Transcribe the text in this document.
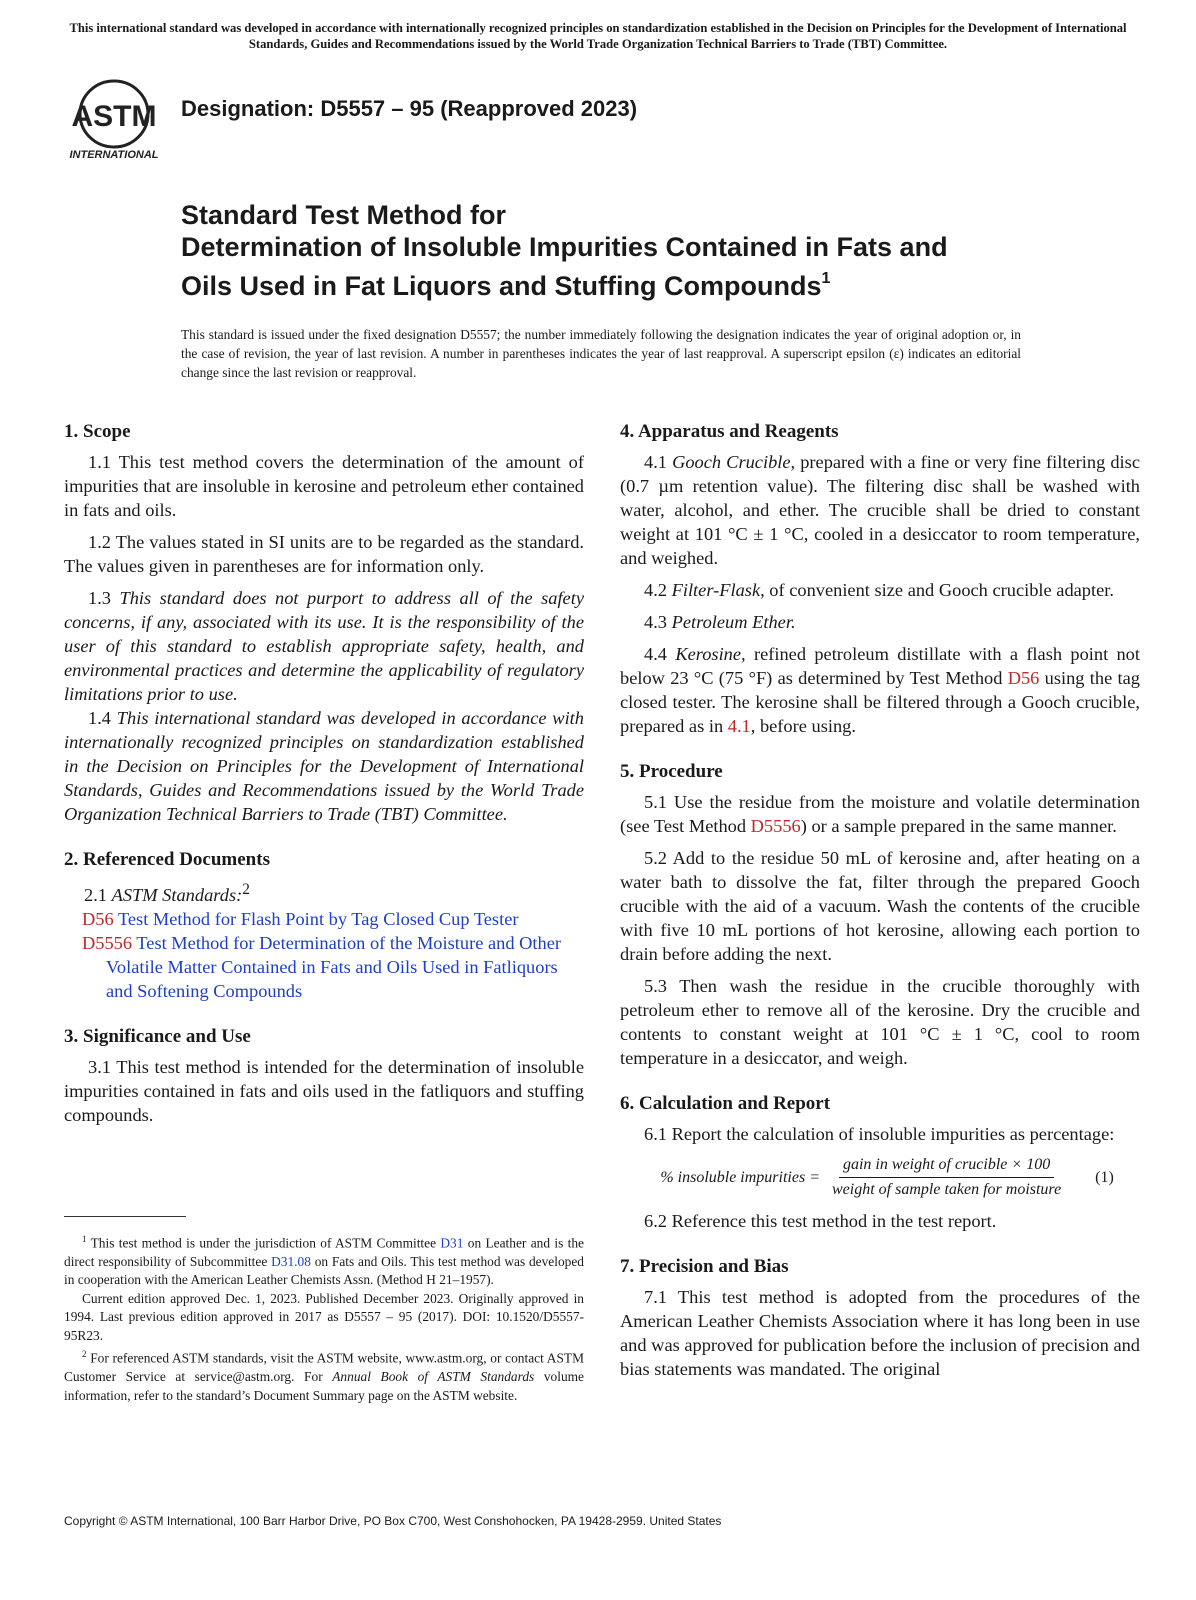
This international standard was developed in accordance with internationally recognized principles on standardization established in the Decision on Principles for the Development of International Standards, Guides and Recommendations issued by the World Trade Organization Technical Barriers to Trade (TBT) Committee.
ASTM
INTERNATIONAL
Designation: D5557 – 95 (Reapproved 2023)
Standard Test Method for
Determination of Insoluble Impurities Contained in Fats and
Oils Used in Fat Liquors and Stuffing Compounds$^1$
This standard is issued under the fixed designation D5557; the number immediately following the designation indicates the year of original adoption or, in the case of revision, the year of last revision. A number in parentheses indicates the year of last reapproval. A superscript epsilon (ε) indicates an editorial change since the last revision or reapproval.
1. Scope

1.1 This test method covers the determination of the amount of impurities that are insoluble in kerosine and petroleum ether contained in fats and oils.

1.2 The values stated in SI units are to be regarded as the standard. The values given in parentheses are for information only.

1.3 This standard does not purport to address all of the safety concerns, if any, associated with its use. It is the responsibility of the user of this standard to establish appropriate safety, health, and environmental practices and determine the applicability of regulatory limitations prior to use.

1.4 This international standard was developed in accordance with internationally recognized principles on standardization established in the Decision on Principles for the Development of International Standards, Guides and Recommendations issued by the World Trade Organization Technical Barriers to Trade (TBT) Committee.

2. Referenced Documents
2.1 ASTM Standards:$^2$
D56 Test Method for Flash Point by Tag Closed Cup Tester
D5556 Test Method for Determination of the Moisture and Other Volatile Matter Contained in Fats and Oils Used in Fatliquors and Softening Compounds
3. Significance and Use

3.1 This test method is intended for the determination of insoluble impurities contained in fats and oils used in the fatliquors and stuffing compounds.

$^1$ This test method is under the jurisdiction of ASTM Committee D31 on Leather and is the direct responsibility of Subcommittee D31.08 on Fats and Oils. This test method was developed in cooperation with the American Leather Chemists Assn. (Method H 21–1957).

Current edition approved Dec. 1, 2023. Published December 2023. Originally approved in 1994. Last previous edition approved in 2017 as D5557 – 95 (2017). DOI: 10.1520/D5557-95R23.

$^2$ For referenced ASTM standards, visit the ASTM website, www.astm.org, or contact ASTM Customer Service at service@astm.org. For Annual Book of ASTM Standards volume information, refer to the standard’s Document Summary page on the ASTM website.

4. Apparatus and Reagents

4.1 Gooch Crucible, prepared with a fine or very fine filtering disc (0.7 µm retention value). The filtering disc shall be washed with water, alcohol, and ether. The crucible shall be dried to constant weight at 101 °C ± 1 °C, cooled in a desiccator to room temperature, and weighed.

4.2 Filter-Flask, of convenient size and Gooch crucible adapter.

4.3 Petroleum Ether.

4.4 Kerosine, refined petroleum distillate with a flash point not below 23 °C (75 °F) as determined by Test Method D56 using the tag closed tester. The kerosine shall be filtered through a Gooch crucible, prepared as in 4.1, before using.

5. Procedure

5.1 Use the residue from the moisture and volatile determination (see Test Method D5556) or a sample prepared in the same manner.

5.2 Add to the residue 50 mL of kerosine and, after heating on a water bath to dissolve the fat, filter through the prepared Gooch crucible with the aid of a vacuum. Wash the contents of the crucible with five 10 mL portions of hot kerosine, allowing each portion to drain before adding the next.

5.3 Then wash the residue in the crucible thoroughly with petroleum ether to remove all of the kerosine. Dry the crucible and contents to constant weight at 101 °C ± 1 °C, cool to room temperature in a desiccator, and weigh.

6. Calculation and Report

6.1 Report the calculation of insoluble impurities as percentage:

% insoluble impurities = $\frac{\text{gain in weight of crucible × 100}}{\text{weight of sample taken for moisture}} (1)$

6.2 Reference this test method in the test report.

7. Precision and Bias

7.1 This test method is adopted from the procedures of the American Leather Chemists Association where it has long been in use and was approved for publication before the inclusion of precision and bias statements was mandated. The original

Copyright © ASTM International, 100 Barr Harbor Drive, PO Box C700, West Conshohocken, PA 19428-2959. United States
